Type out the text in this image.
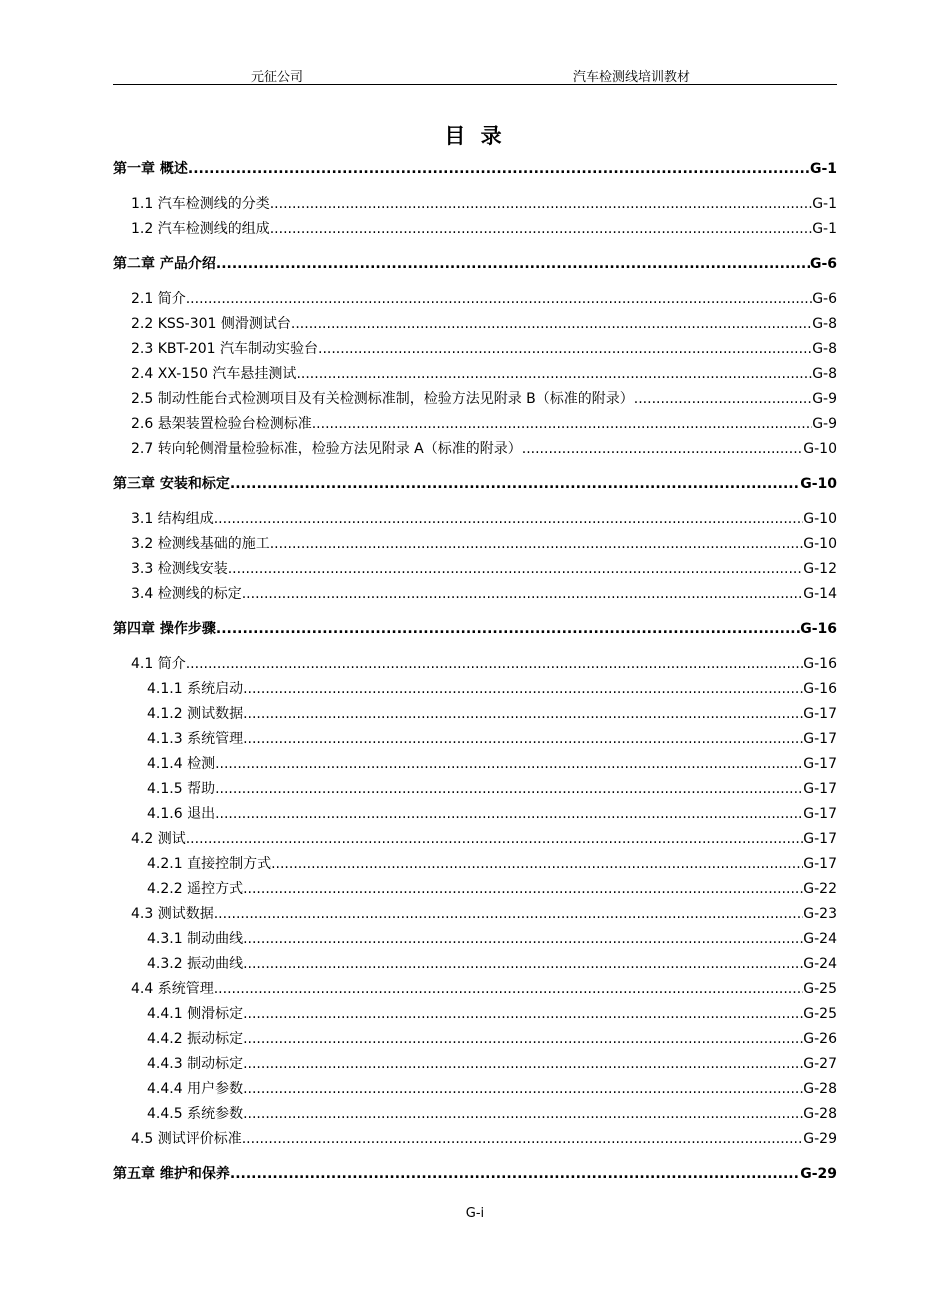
元征公司	汽车检测线培训教材
目 录
第一章 概述 .....	G-1
1.1 汽车检测线的分类 .....	G-1
1.2 汽车检测线的组成 .....	G-1
第二章 产品介绍 .....	G-6
2.1 简介 .....	G-6
2.2 KSS-301 侧滑测试台 .....	G-8
2.3 KBT-201 汽车制动实验台 .....	G-8
2.4 XX-150 汽车悬挂测试 .....	G-8
2.5 制动性能台式检测项目及有关检测标准制，检验方法见附录 B（标准的附录） .....	G-9
2.6 悬架装置检验台检测标准 .....	G-9
2.7 转向轮侧滑量检验标准，检验方法见附录 A（标准的附录） .....	G-10
第三章 安装和标定 .....	G-10
3.1 结构组成 .....	G-10
3.2 检测线基础的施工 .....	G-10
3.3 检测线安装 .....	G-12
3.4 检测线的标定 .....	G-14
第四章 操作步骤 .....	G-16
4.1 简介 .....	G-16
4.1.1 系统启动 .....	G-16
4.1.2 测试数据 .....	G-17
4.1.3 系统管理 .....	G-17
4.1.4 检测 .....	G-17
4.1.5 帮助 .....	G-17
4.1.6 退出 .....	G-17
4.2 测试 .....	G-17
4.2.1 直接控制方式 .....	G-17
4.2.2 遥控方式 .....	G-22
4.3 测试数据 .....	G-23
4.3.1 制动曲线 .....	G-24
4.3.2 振动曲线 .....	G-24
4.4 系统管理 .....	G-25
4.4.1 侧滑标定 .....	G-25
4.4.2 振动标定 .....	G-26
4.4.3 制动标定 .....	G-27
4.4.4 用户参数 .....	G-28
4.4.5 系统参数 .....	G-28
4.5 测试评价标准 .....	G-29
第五章 维护和保养 .....	G-29
G-i
